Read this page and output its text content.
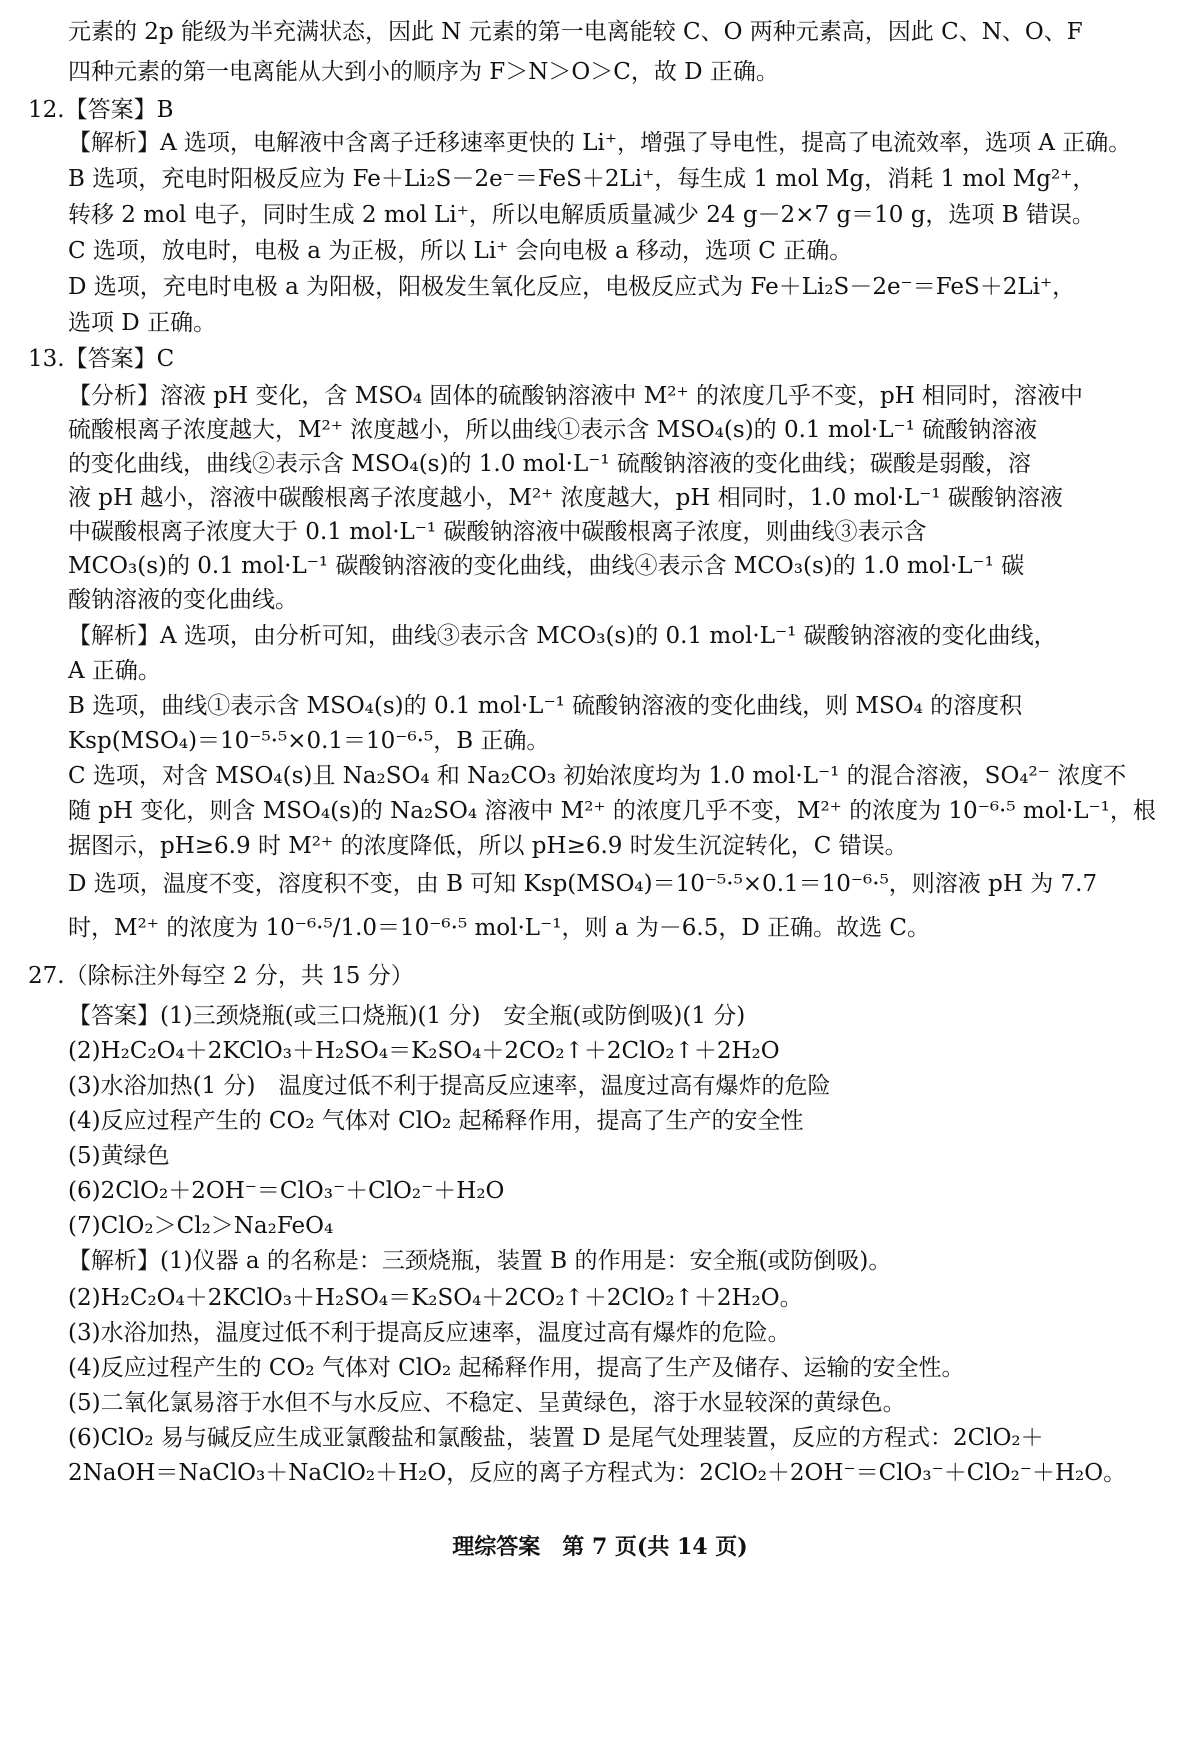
元素的 2p 能级为半充满状态，因此 N 元素的第一电离能较 C、O 两种元素高，因此 C、N、O、F
四种元素的第一电离能从大到小的顺序为 F＞N＞O＞C，故 D 正确。
12.【答案】B
【解析】A 选项，电解液中含离子迁移速率更快的 Li⁺，增强了导电性，提高了电流效率，选项 A 正确。
B 选项，充电时阳极反应为 Fe＋Li₂S－2e⁻＝FeS＋2Li⁺，每生成 1 mol Mg，消耗 1 mol Mg²⁺，
转移 2 mol 电子，同时生成 2 mol Li⁺，所以电解质质量减少 24 g－2×7 g＝10 g，选项 B 错误。
C 选项，放电时，电极 a 为正极，所以 Li⁺ 会向电极 a 移动，选项 C 正确。
D 选项，充电时电极 a 为阳极，阳极发生氧化反应，电极反应式为 Fe＋Li₂S－2e⁻＝FeS＋2Li⁺，
选项 D 正确。
13.【答案】C
【分析】溶液 pH 变化，含 MSO₄ 固体的硫酸钠溶液中 M²⁺ 的浓度几乎不变，pH 相同时，溶液中
硫酸根离子浓度越大，M²⁺ 浓度越小，所以曲线①表示含 MSO₄(s)的 0.1 mol·L⁻¹ 硫酸钠溶液
的变化曲线，曲线②表示含 MSO₄(s)的 1.0 mol·L⁻¹ 硫酸钠溶液的变化曲线；碳酸是弱酸，溶
液 pH 越小，溶液中碳酸根离子浓度越小，M²⁺ 浓度越大，pH 相同时，1.0 mol·L⁻¹ 碳酸钠溶液
中碳酸根离子浓度大于 0.1 mol·L⁻¹ 碳酸钠溶液中碳酸根离子浓度，则曲线③表示含
MCO₃(s)的 0.1 mol·L⁻¹ 碳酸钠溶液的变化曲线，曲线④表示含 MCO₃(s)的 1.0 mol·L⁻¹ 碳
酸钠溶液的变化曲线。
【解析】A 选项，由分析可知，曲线③表示含 MCO₃(s)的 0.1 mol·L⁻¹ 碳酸钠溶液的变化曲线，
A 正确。
B 选项，曲线①表示含 MSO₄(s)的 0.1 mol·L⁻¹ 硫酸钠溶液的变化曲线，则 MSO₄ 的溶度积
Ksp(MSO₄)＝10⁻⁵·⁵×0.1＝10⁻⁶·⁵，B 正确。
C 选项，对含 MSO₄(s)且 Na₂SO₄ 和 Na₂CO₃ 初始浓度均为 1.0 mol·L⁻¹ 的混合溶液，SO₄²⁻ 浓度不
随 pH 变化，则含 MSO₄(s)的 Na₂SO₄ 溶液中 M²⁺ 的浓度几乎不变，M²⁺ 的浓度为 10⁻⁶·⁵ mol·L⁻¹，根
据图示，pH≥6.9 时 M²⁺ 的浓度降低，所以 pH≥6.9 时发生沉淀转化，C 错误。
D 选项，温度不变，溶度积不变，由 B 可知 Ksp(MSO₄)＝10⁻⁵·⁵×0.1＝10⁻⁶·⁵，则溶液 pH 为 7.7
时，M²⁺ 的浓度为 10⁻⁶·⁵/1.0＝10⁻⁶·⁵ mol·L⁻¹，则 a 为－6.5，D 正确。故选 C。
27.（除标注外每空 2 分，共 15 分）
【答案】(1)三颈烧瓶(或三口烧瓶)(1 分)　安全瓶(或防倒吸)(1 分)
(2)H₂C₂O₄＋2KClO₃＋H₂SO₄＝K₂SO₄＋2CO₂↑＋2ClO₂↑＋2H₂O
(3)水浴加热(1 分)　温度过低不利于提高反应速率，温度过高有爆炸的危险
(4)反应过程产生的 CO₂ 气体对 ClO₂ 起稀释作用，提高了生产的安全性
(5)黄绿色
(6)2ClO₂＋2OH⁻＝ClO₃⁻＋ClO₂⁻＋H₂O
(7)ClO₂＞Cl₂＞Na₂FeO₄
【解析】(1)仪器 a 的名称是：三颈烧瓶，装置 B 的作用是：安全瓶(或防倒吸)。
(2)H₂C₂O₄＋2KClO₃＋H₂SO₄＝K₂SO₄＋2CO₂↑＋2ClO₂↑＋2H₂O。
(3)水浴加热，温度过低不利于提高反应速率，温度过高有爆炸的危险。
(4)反应过程产生的 CO₂ 气体对 ClO₂ 起稀释作用，提高了生产及储存、运输的安全性。
(5)二氧化氯易溶于水但不与水反应、不稳定、呈黄绿色，溶于水显较深的黄绿色。
(6)ClO₂ 易与碱反应生成亚氯酸盐和氯酸盐，装置 D 是尾气处理装置，反应的方程式：2ClO₂＋
2NaOH＝NaClO₃＋NaClO₂＋H₂O，反应的离子方程式为：2ClO₂＋2OH⁻＝ClO₃⁻＋ClO₂⁻＋H₂O。
理综答案　第 7 页(共 14 页)
